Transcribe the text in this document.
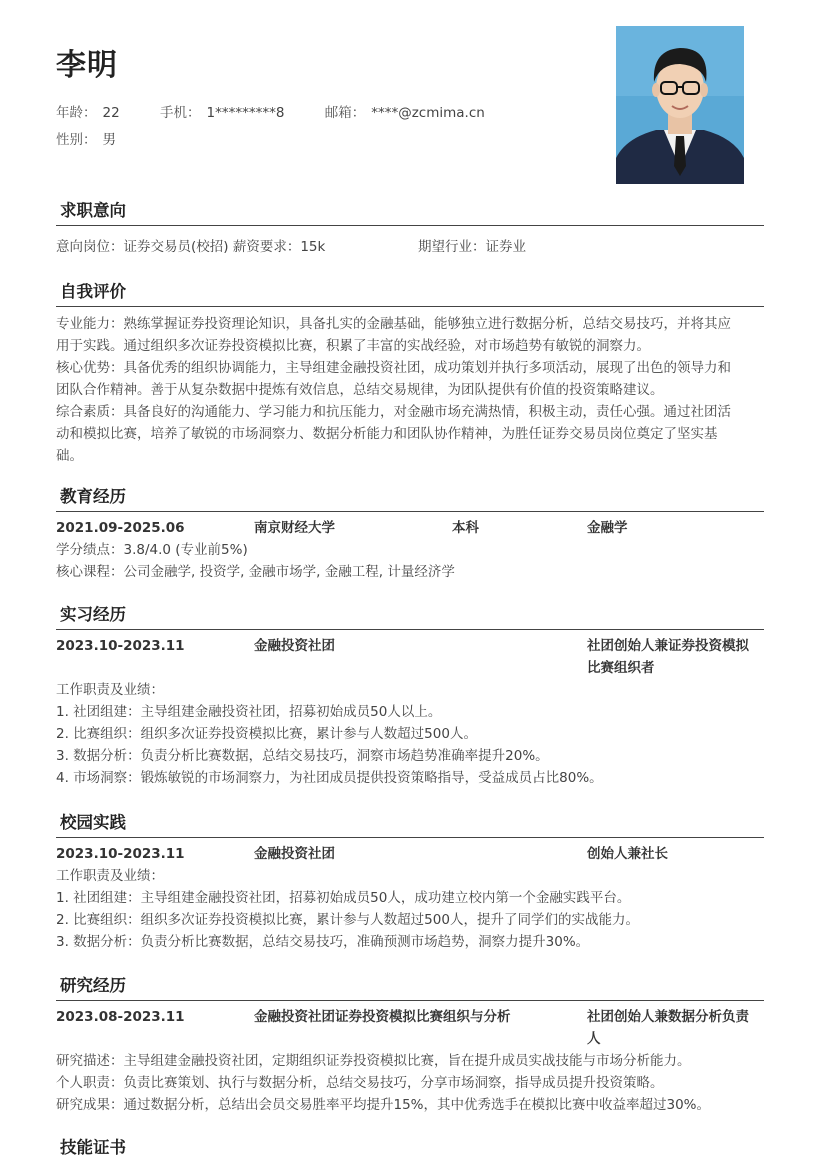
李明
年龄： 22	手机： 1*********8	邮箱： ****@zcmima.cn
性别： 男
求职意向
意向岗位：证券交易员(校招) 薪资要求：15k	期望行业：证券业
自我评价
专业能力：熟练掌握证券投资理论知识，具备扎实的金融基础，能够独立进行数据分析，总结交易技巧，并将其应
用于实践。通过组织多次证券投资模拟比赛，积累了丰富的实战经验，对市场趋势有敏锐的洞察力。
核心优势：具备优秀的组织协调能力，主导组建金融投资社团，成功策划并执行多项活动，展现了出色的领导力和
团队合作精神。善于从复杂数据中提炼有效信息，总结交易规律，为团队提供有价值的投资策略建议。
综合素质：具备良好的沟通能力、学习能力和抗压能力，对金融市场充满热情，积极主动，责任心强。通过社团活
动和模拟比赛，培养了敏锐的市场洞察力、数据分析能力和团队协作精神，为胜任证券交易员岗位奠定了坚实基
础。
教育经历
2021.09-2025.06	南京财经大学	本科	金融学
学分绩点：3.8/4.0 (专业前5%)
核心课程：公司金融学, 投资学, 金融市场学, 金融工程, 计量经济学
实习经历
2023.10-2023.11	金融投资社团	社团创始人兼证券投资模拟
比赛组织者
工作职责及业绩：
1. 社团组建：主导组建金融投资社团，招募初始成员50人以上。
2. 比赛组织：组织多次证券投资模拟比赛，累计参与人数超过500人。
3. 数据分析：负责分析比赛数据，总结交易技巧，洞察市场趋势准确率提升20%。
4. 市场洞察：锻炼敏锐的市场洞察力，为社团成员提供投资策略指导，受益成员占比80%。
校园实践
2023.10-2023.11	金融投资社团	创始人兼社长
工作职责及业绩：
1. 社团组建：主导组建金融投资社团，招募初始成员50人，成功建立校内第一个金融实践平台。
2. 比赛组织：组织多次证券投资模拟比赛，累计参与人数超过500人，提升了同学们的实战能力。
3. 数据分析：负责分析比赛数据，总结交易技巧，准确预测市场趋势，洞察力提升30%。
研究经历
2023.08-2023.11	金融投资社团证券投资模拟比赛组织与分析	社团创始人兼数据分析负责
人
研究描述：主导组建金融投资社团，定期组织证券投资模拟比赛，旨在提升成员实战技能与市场分析能力。
个人职责：负责比赛策划、执行与数据分析，总结交易技巧，分享市场洞察，指导成员提升投资策略。
研究成果：通过数据分析，总结出会员交易胜率平均提升15%，其中优秀选手在模拟比赛中收益率超过30%。
技能证书
